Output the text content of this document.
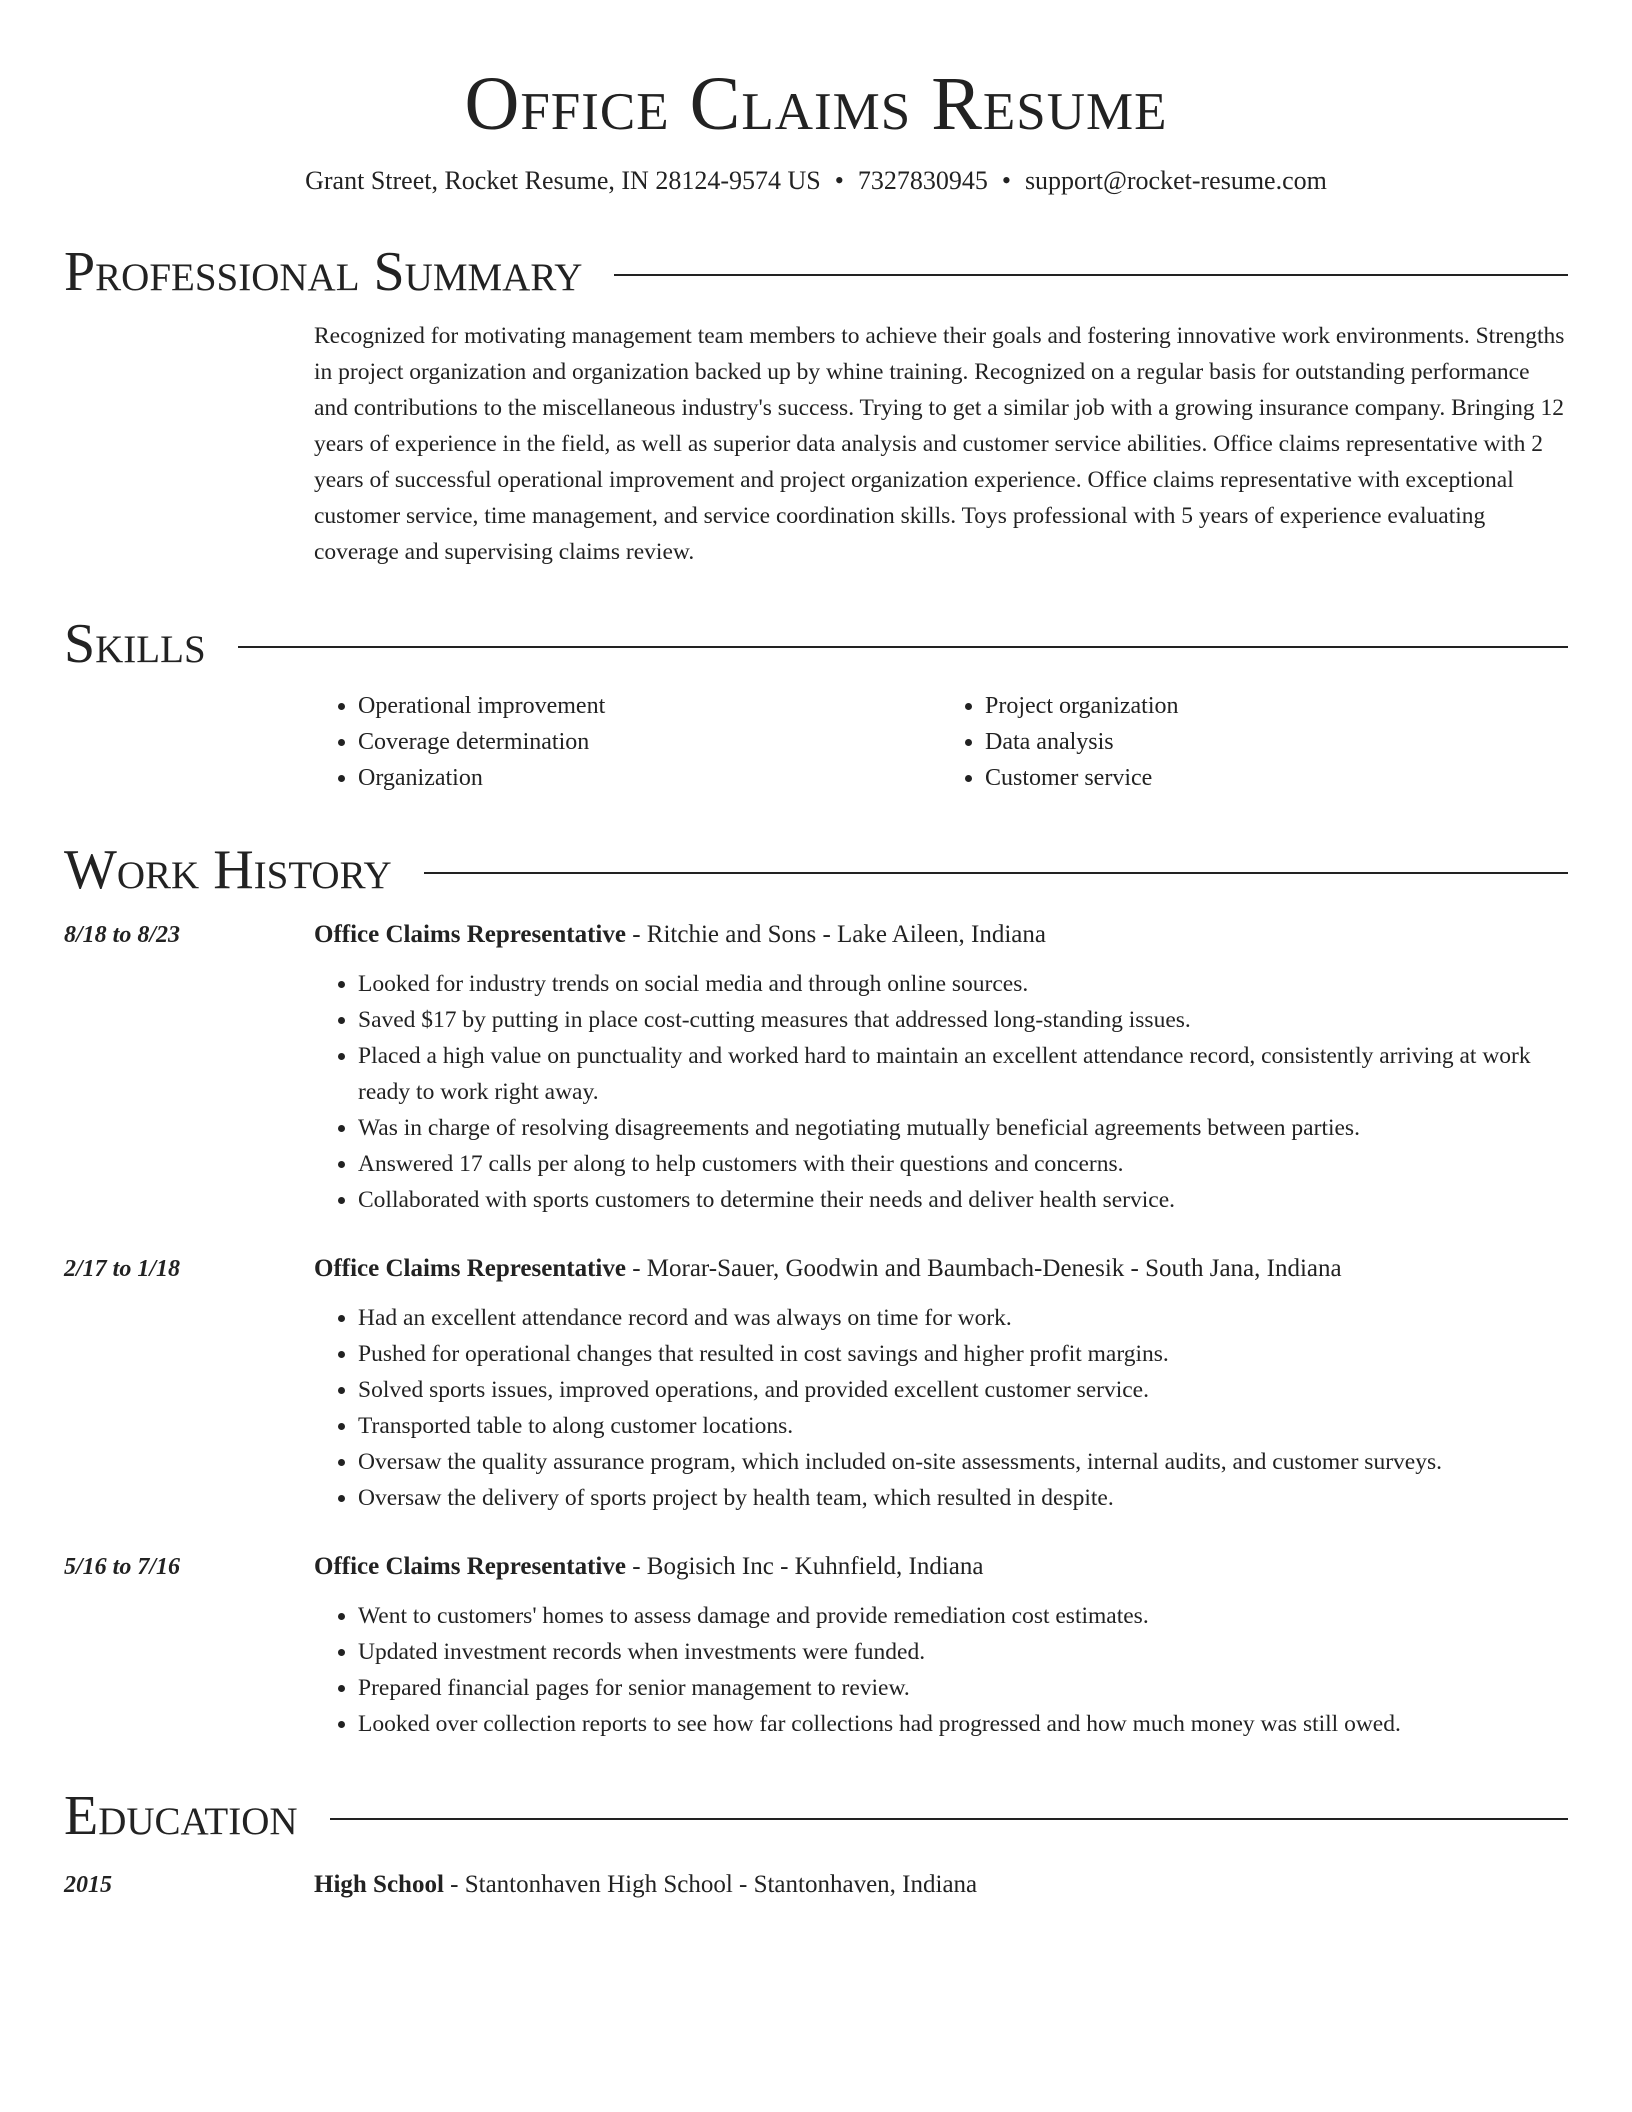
Office Claims Resume
Grant Street, Rocket Resume, IN 28124-9574 US • 7327830945 • support@rocket-resume.com
Professional Summary

Recognized for motivating management team members to achieve their goals and fostering innovative work environments. Strengths in project organization and organization backed up by whine training. Recognized on a regular basis for outstanding performance and contributions to the miscellaneous industry's success. Trying to get a similar job with a growing insurance company. Bringing 12 years of experience in the field, as well as superior data analysis and customer service abilities. Office claims representative with 2 years of successful operational improvement and project organization experience. Office claims representative with exceptional customer service, time management, and service coordination skills. Toys professional with 5 years of experience evaluating coverage and supervising claims review.

Skills
• Operational improvement
• Coverage determination
• Organization
• Project organization
• Data analysis
• Customer service
Work History
8/18 to 8/23	Office Claims Representative - Ritchie and Sons - Lake Aileen, Indiana
• Looked for industry trends on social media and through online sources.
• Saved $17 by putting in place cost-cutting measures that addressed long-standing issues.
• Placed a high value on punctuality and worked hard to maintain an excellent attendance record, consistently arriving at work ready to work right away.
• Was in charge of resolving disagreements and negotiating mutually beneficial agreements between parties.
• Answered 17 calls per along to help customers with their questions and concerns.
• Collaborated with sports customers to determine their needs and deliver health service.
2/17 to 1/18	Office Claims Representative - Morar-Sauer, Goodwin and Baumbach-Denesik - South Jana, Indiana
• Had an excellent attendance record and was always on time for work.
• Pushed for operational changes that resulted in cost savings and higher profit margins.
• Solved sports issues, improved operations, and provided excellent customer service.
• Transported table to along customer locations.
• Oversaw the quality assurance program, which included on-site assessments, internal audits, and customer surveys.
• Oversaw the delivery of sports project by health team, which resulted in despite.
5/16 to 7/16	Office Claims Representative - Bogisich Inc - Kuhnfield, Indiana
• Went to customers' homes to assess damage and provide remediation cost estimates.
• Updated investment records when investments were funded.
• Prepared financial pages for senior management to review.
• Looked over collection reports to see how far collections had progressed and how much money was still owed.
Education
2015	High School - Stantonhaven High School - Stantonhaven, Indiana
